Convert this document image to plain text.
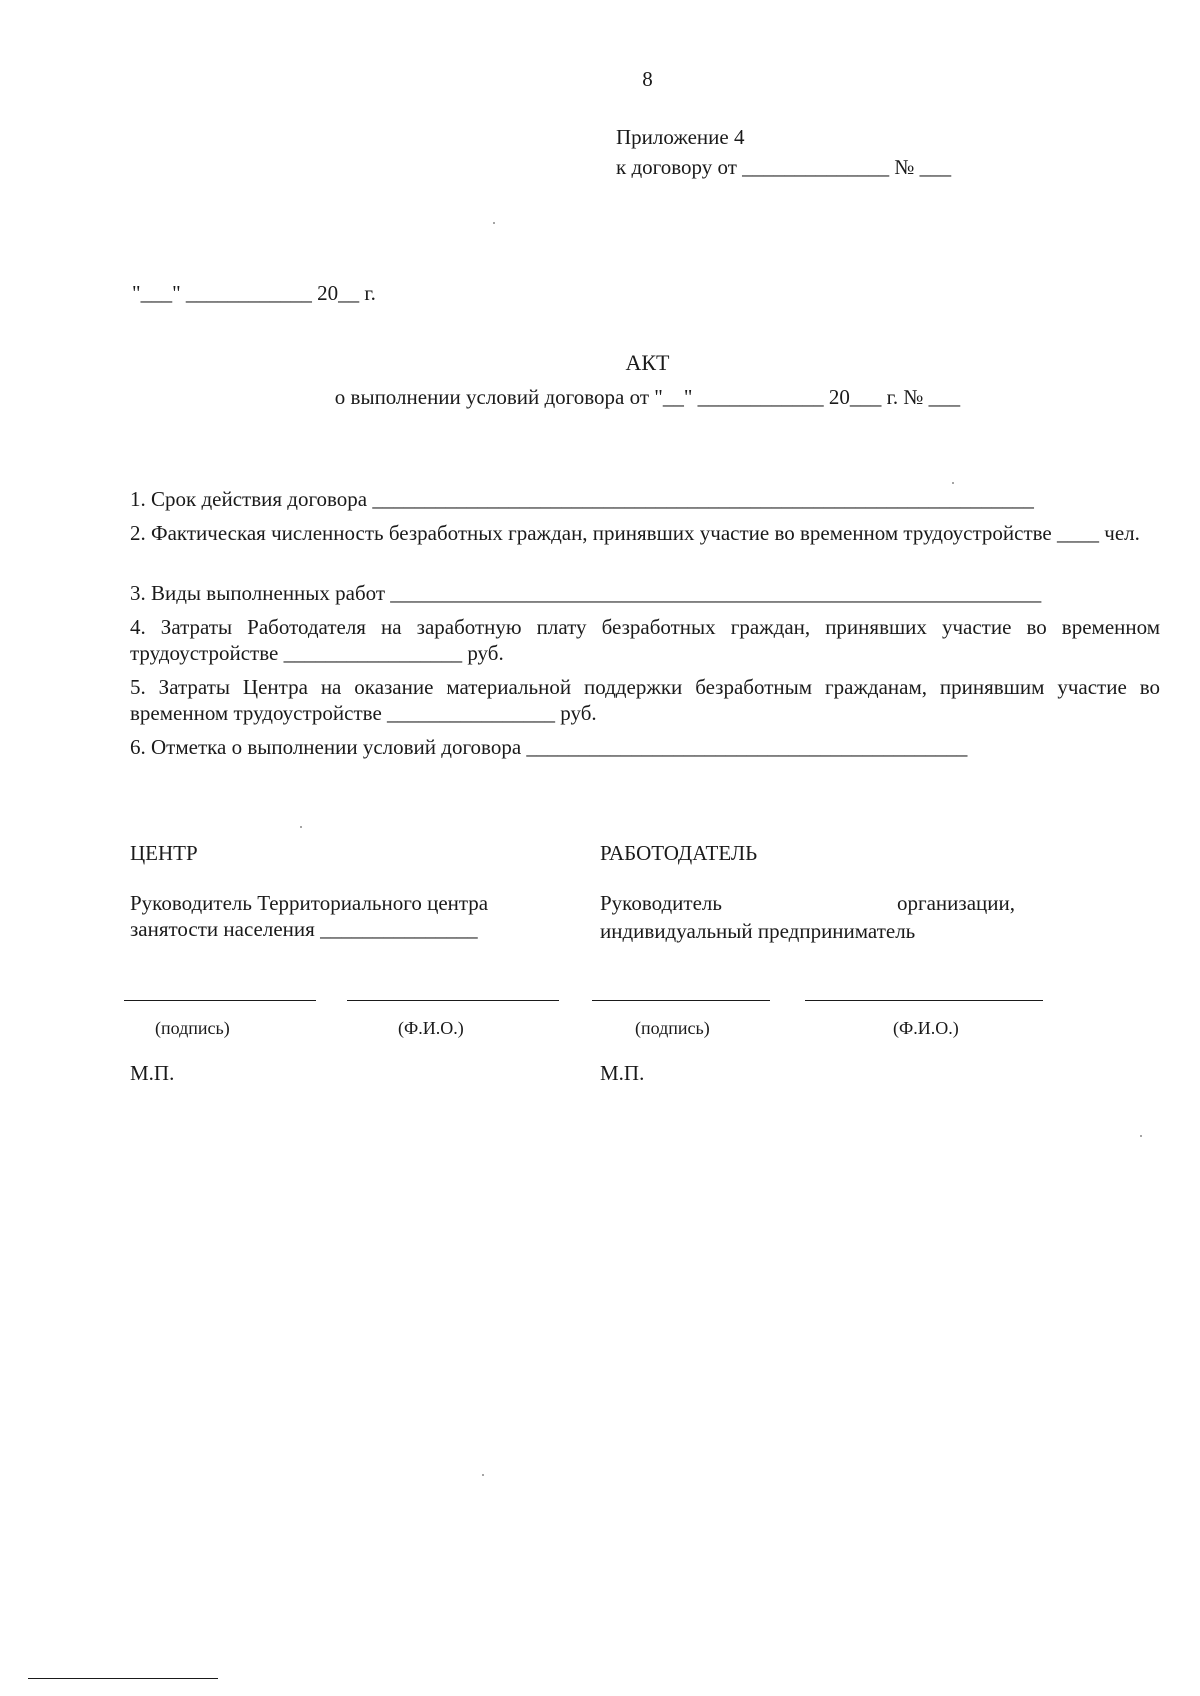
8
Приложение 4
к договору от ______________ № ___
"___" ____________ 20__ г.
АКТ
о выполнении условий договора от "__" ____________ 20___ г. № ___
1. Срок действия договора _______________________________________________________________
2. Фактическая численность безработных граждан, принявших участие во временном трудоустройстве ____ чел.
3. Виды выполненных работ ______________________________________________________________
4. Затраты Работодателя на заработную плату безработных граждан, принявших участие во временном трудоустройстве _________________ руб.
5. Затраты Центра на оказание материальной поддержки безработным гражданам, принявшим участие во временном трудоустройстве ________________ руб.
6. Отметка о выполнении условий договора __________________________________________
ЦЕНТР
Руководитель Территориального центра занятости населения _______________
РАБОТОДАТЕЛЬ
Руководитель	организации,
индивидуальный предприниматель
(подпись)	(Ф.И.О.)	(подпись)	(Ф.И.О.)
М.П.	М.П.
